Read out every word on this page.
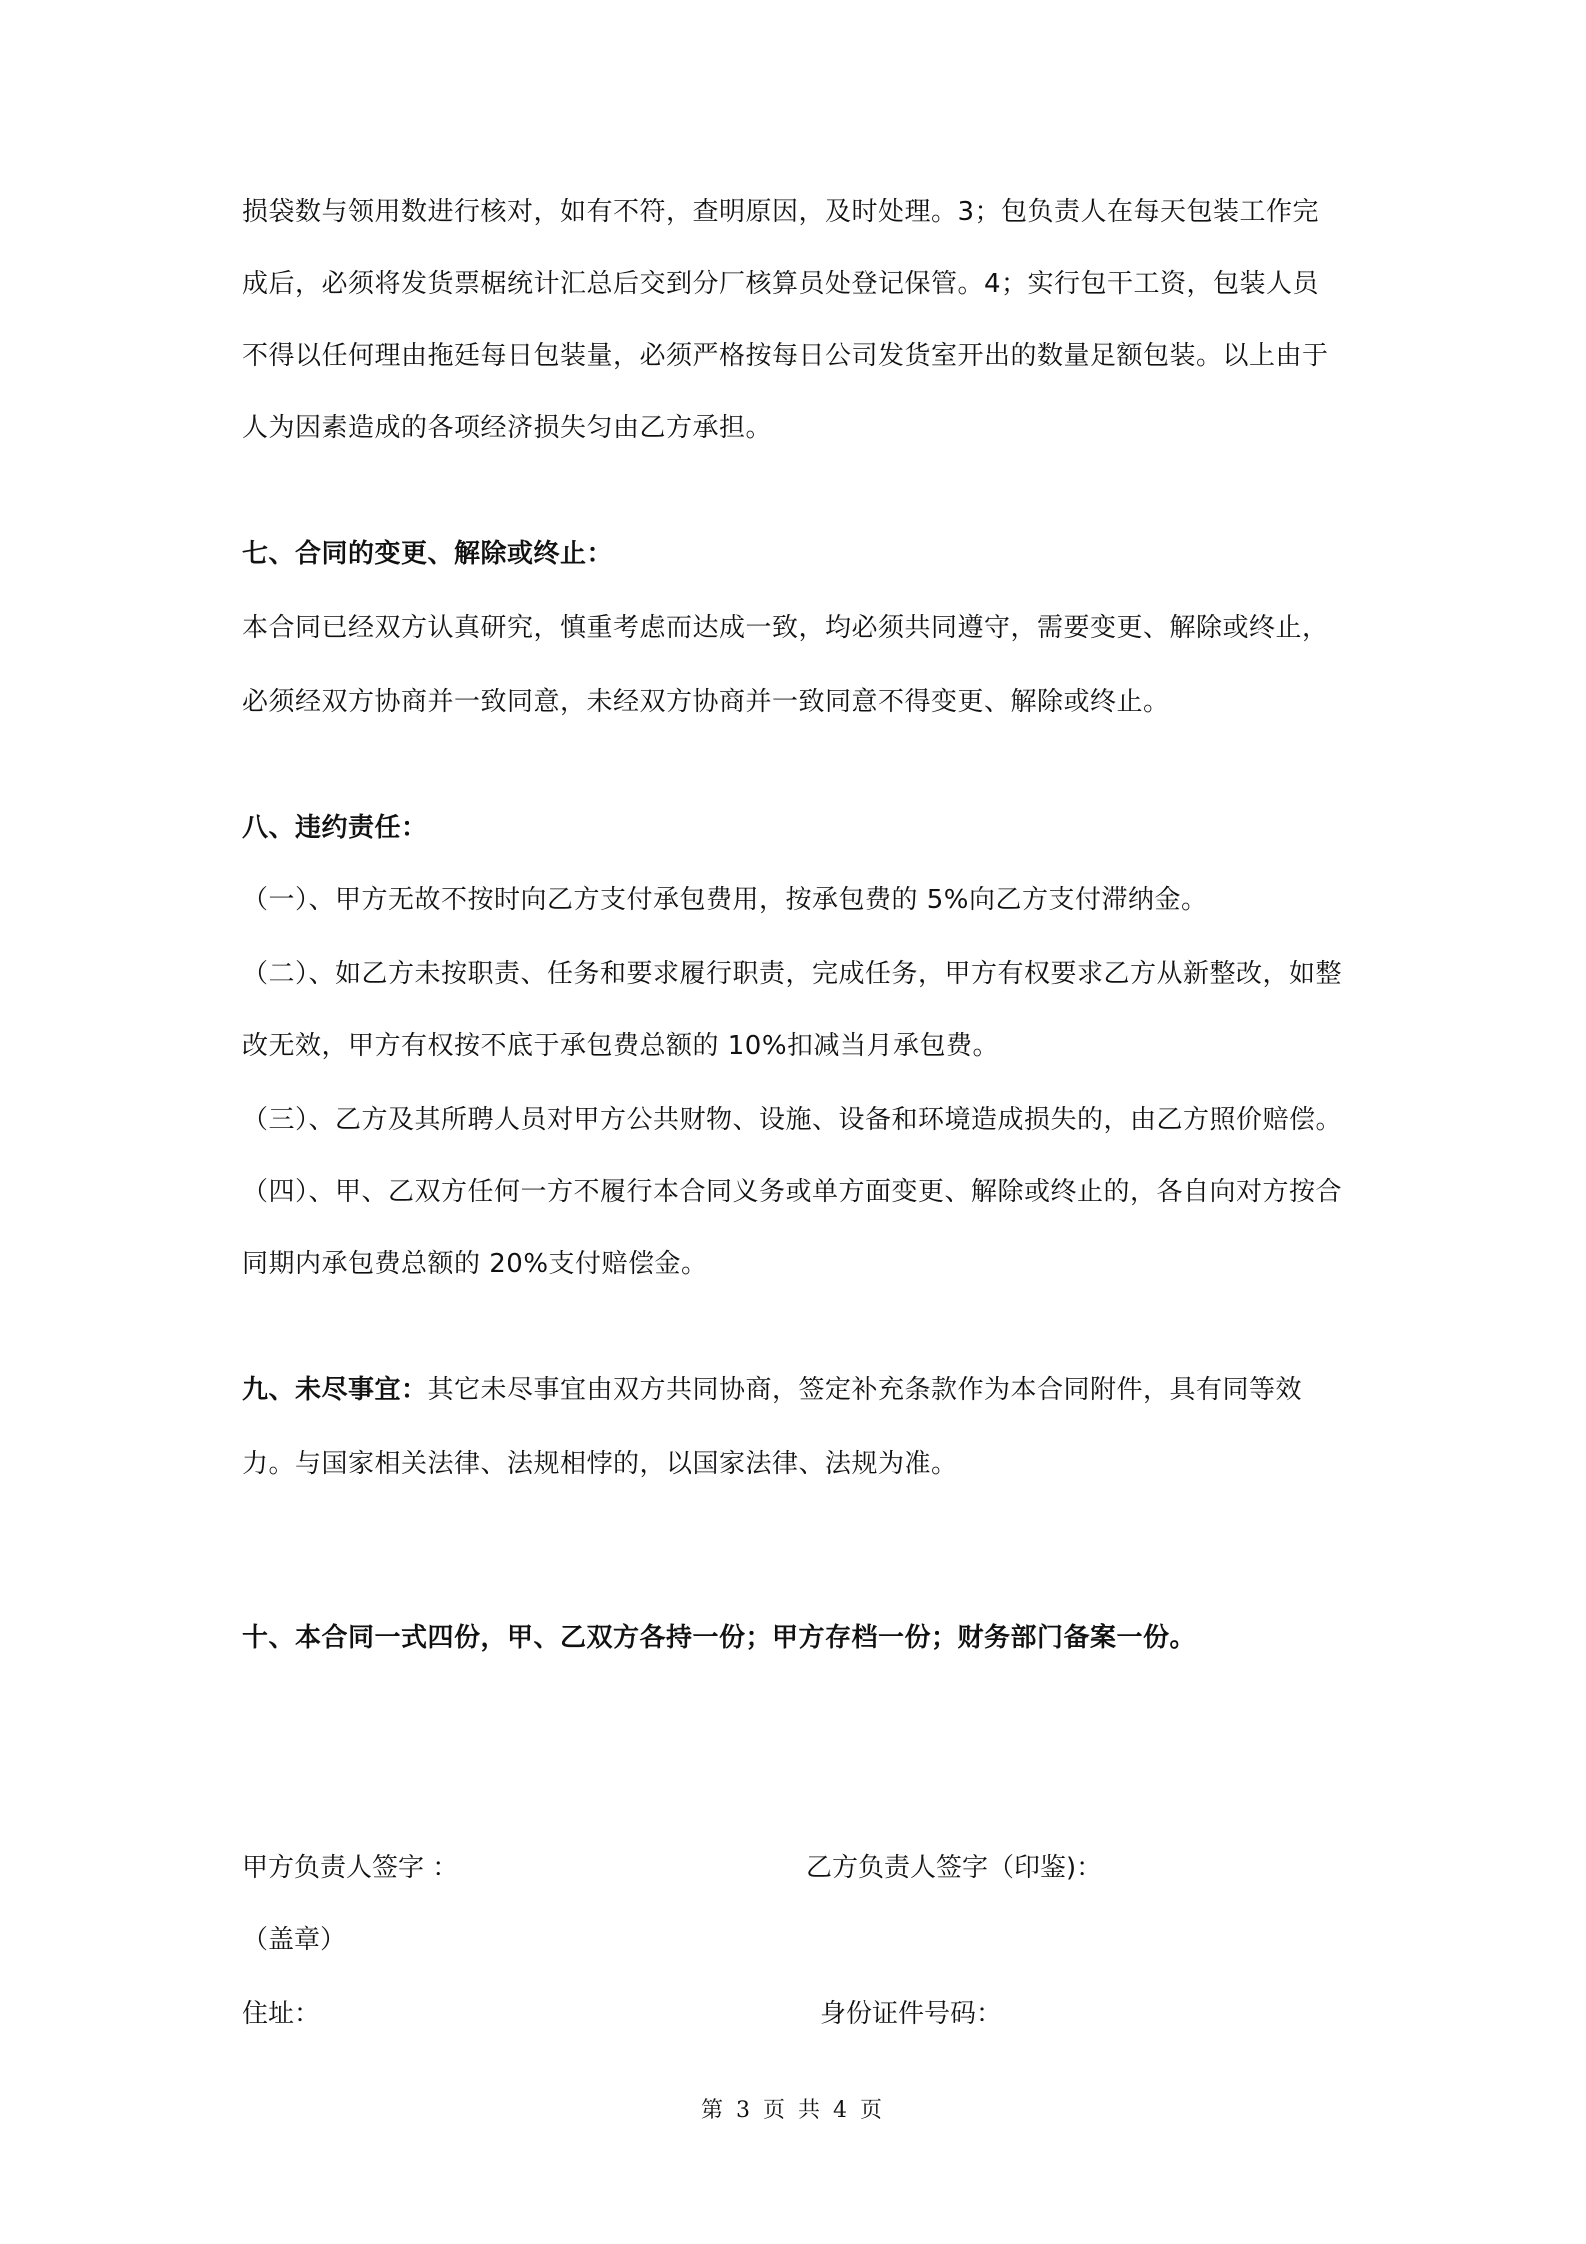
损袋数与领用数进行核对，如有不符，查明原因，及时处理。3；包负责人在每天包装工作完
成后，必须将发货票椐统计汇总后交到分厂核算员处登记保管。4；实行包干工资，包装人员
不得以任何理由拖廷每日包装量，必须严格按每日公司发货室开出的数量足额包装。以上由于
人为因素造成的各项经济损失匀由乙方承担。
七、合同的变更、解除或终止：
本合同已经双方认真研究，慎重考虑而达成一致，均必须共同遵守，需要变更、解除或终止，
必须经双方协商并一致同意，未经双方协商并一致同意不得变更、解除或终止。
八、违约责任：
（一）、甲方无故不按时向乙方支付承包费用，按承包费的 5%向乙方支付滞纳金。
（二）、如乙方未按职责、任务和要求履行职责，完成任务，甲方有权要求乙方从新整改，如整
改无效，甲方有权按不底于承包费总额的 10%扣减当月承包费。
（三）、乙方及其所聘人员对甲方公共财物、设施、设备和环境造成损失的，由乙方照价赔偿。
（四）、甲、乙双方任何一方不履行本合同义务或单方面变更、解除或终止的，各自向对方按合
同期内承包费总额的 20%支付赔偿金。
九、未尽事宜：其它未尽事宜由双方共同协商，签定补充条款作为本合同附件，具有同等效
力。与国家相关法律、法规相悖的，以国家法律、法规为准。
十、本合同一式四份，甲、乙双方各持一份；甲方存档一份；财务部门备案一份。
甲方负责人签字 ：	乙方负责人签字（印鉴)：
（盖章）
住址：	身份证件号码：
第 3 页 共 4 页
